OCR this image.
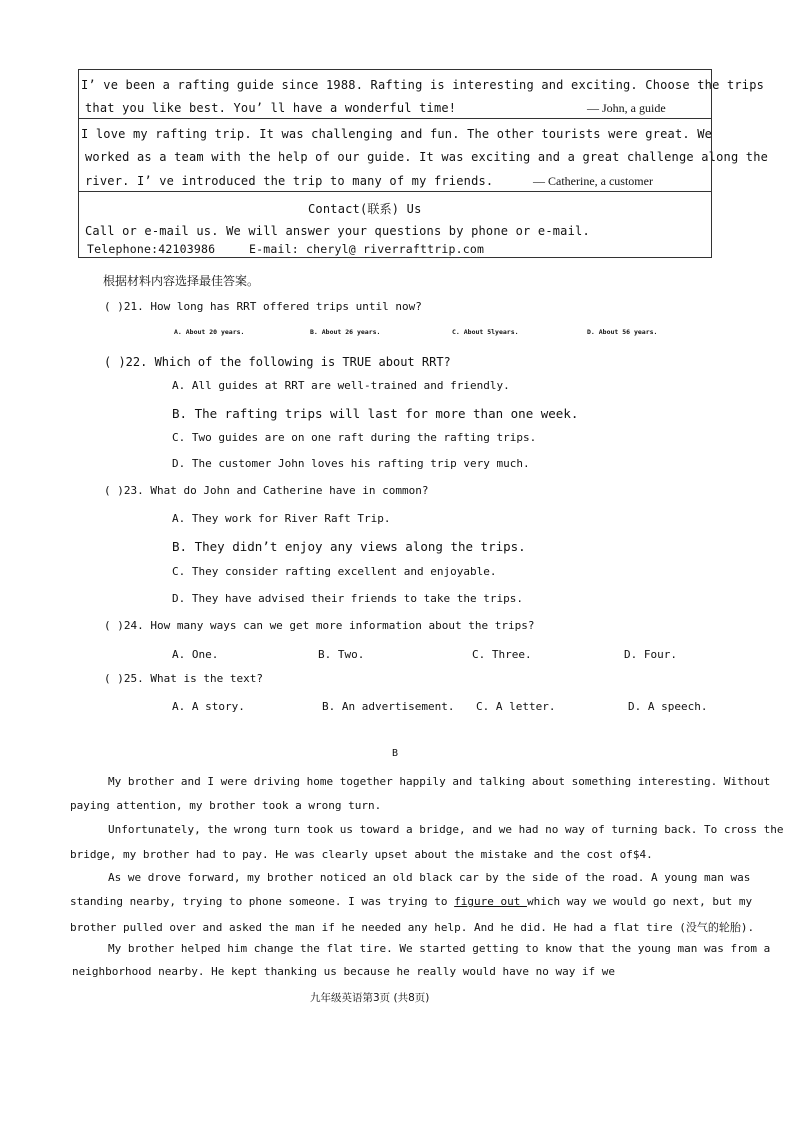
I’ ve been a rafting guide since 1988. Rafting is interesting and exciting. Choose the trips
that you like best. You’ ll have a wonderful time!	— John, a guide
I love my rafting trip. It was challenging and fun. The other tourists were great. We
worked as a team with the help of our guide. It was exciting and a great challenge along the
river. I’ ve introduced the trip to many of my friends.	— Catherine, a customer
Contact(联系) Us
Call or e-mail us. We will answer your questions by phone or e-mail.
Telephone:42103986	E-mail: cheryl@ riverrafttrip.com
根据材料内容选择最佳答案。
( )21. How long has RRT offered trips until now?
A. About 20 years.	B. About 26 years.	C. About 5lyears.	D. About 56 years.
( )22. Which of the following is TRUE about RRT?
A. All guides at RRT are well-trained and friendly.
B. The rafting trips will last for more than one week.
C. Two guides are on one raft during the rafting trips.
D. The customer John loves his rafting trip very much.
( )23. What do John and Catherine have in common?
A. They work for River Raft Trip.
B. They didn’t enjoy any views along the trips.
C. They consider rafting excellent and enjoyable.
D. They have advised their friends to take the trips.
( )24. How many ways can we get more information about the trips?
A. One.	B. Two.	C. Three.	D. Four.
( )25. What is the text?
A. A story.	B. An advertisement. C. A letter.	D. A speech.
B
My brother and I were driving home together happily and talking about something interesting. Without
paying attention, my brother took a wrong turn.
Unfortunately, the wrong turn took us toward a bridge, and we had no way of turning back. To cross the
bridge, my brother had to pay. He was clearly upset about the mistake and the cost of$4.
As we drove forward, my brother noticed an old black car by the side of the road. A young man was
standing nearby, trying to phone someone. I was trying to figure out which way we would go next, but my
brother pulled over and asked the man if he needed any help. And he did. He had a flat tire (没气的轮胎).
My brother helped him change the flat tire. We started getting to know that the young man was from a
neighborhood nearby. He kept thanking us because he really would have no way if we
九年级英语第3页 (共8页)
